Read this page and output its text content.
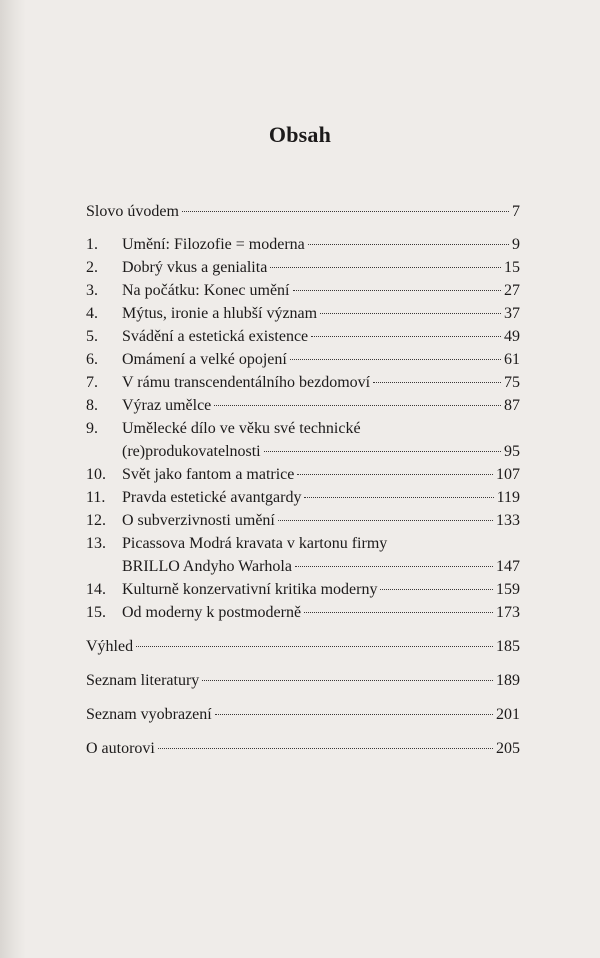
Obsah
Slovo úvodem	7
1.	Umění: Filozofie = moderna	9
2.	Dobrý vkus a genialita	15
3.	Na počátku: Konec umění	27
4.	Mýtus, ironie a hlubší význam	37
5.	Svádění a estetická existence	49
6.	Omámení a velké opojení	61
7.	V rámu transcendentálního bezdomoví	75
8.	Výraz umělce	87
9.	Umělecké dílo ve věku své technické
(re)produkovatelnosti	95
10.	Svět jako fantom a matrice	107
11.	Pravda estetické avantgardy	119
12.	O subverzivnosti umění	133
13.	Picassova Modrá kravata v kartonu firmy
BRILLO Andyho Warhola	147
14.	Kulturně konzervativní kritika moderny	159
15.	Od moderny k postmoderně	173
Výhled	185
Seznam literatury	189
Seznam vyobrazení	201
O autorovi	205
